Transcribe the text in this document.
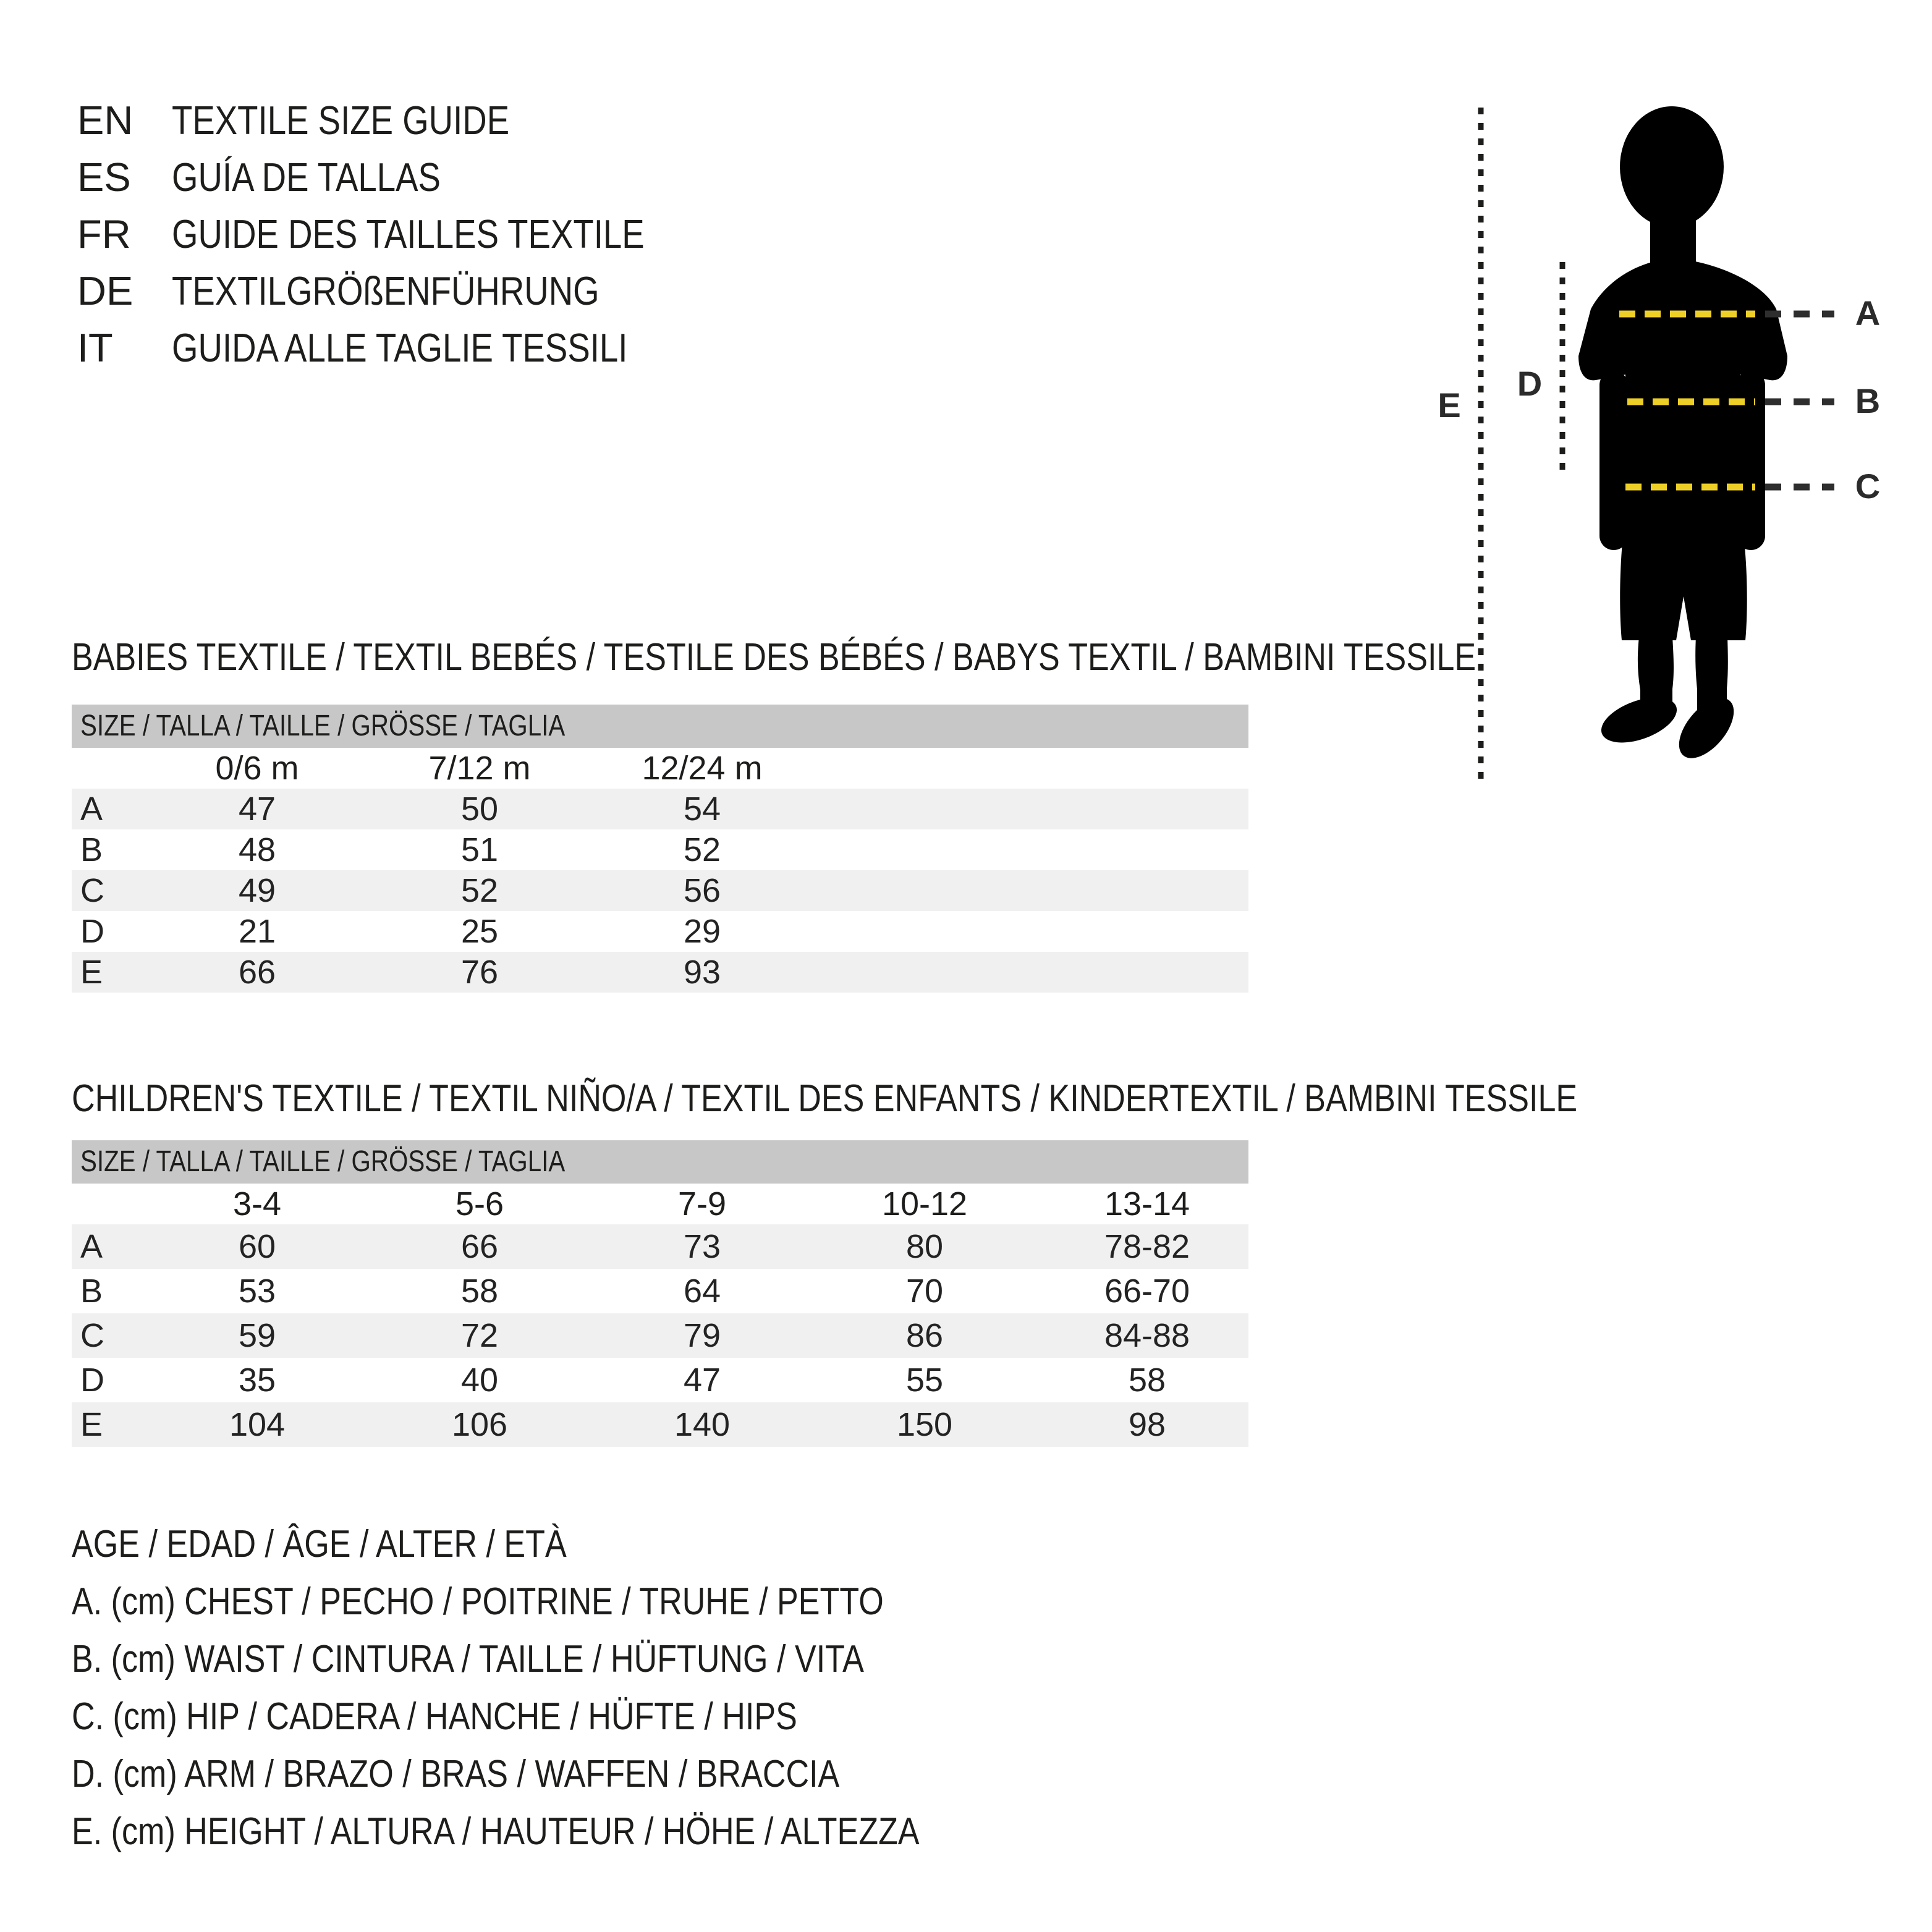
EN TEXTILE SIZE GUIDE
ES	GUÍA DE TALLAS
FR	GUIDE DES TAILLES TEXTILE
DE TEXTILGRÖßENFÜHRUNG
IT	GUIDA ALLE TAGLIE TESSILI
A
B
C
D
E
BABIES TEXTILE / TEXTIL BEBÉS / TESTILE DES BÉBÉS / BABYS TEXTIL / BAMBINI TESSILE
SIZE / TALLA / TAILLE / GRÖSSE / TAGLIA
0/6 m	7/12 m	12/24 m
A	47	50	54
B	48	51	52
C	49	52	56
D	21	25	29
E	66	76	93
CHILDREN'S TEXTILE / TEXTIL NIÑO/A / TEXTIL DES ENFANTS / KINDERTEXTIL / BAMBINI TESSILE
SIZE / TALLA / TAILLE / GRÖSSE / TAGLIA
3-4	5-6	7-9	10-12	13-14
A	60	66	73	80	78-82
B	53	58	64	70	66-70
C	59	72	79	86	84-88
D	35	40	47	55	58
E	104	106	140	150	98
AGE / EDAD / ÂGE / ALTER / ETÀ
A. (cm) CHEST / PECHO / POITRINE / TRUHE / PETTO
B. (cm) WAIST / CINTURA / TAILLE / HÜFTUNG / VITA
C. (cm) HIP / CADERA / HANCHE / HÜFTE / HIPS
D. (cm) ARM / BRAZO / BRAS / WAFFEN / BRACCIA
E. (cm) HEIGHT / ALTURA / HAUTEUR / HÖHE / ALTEZZA
